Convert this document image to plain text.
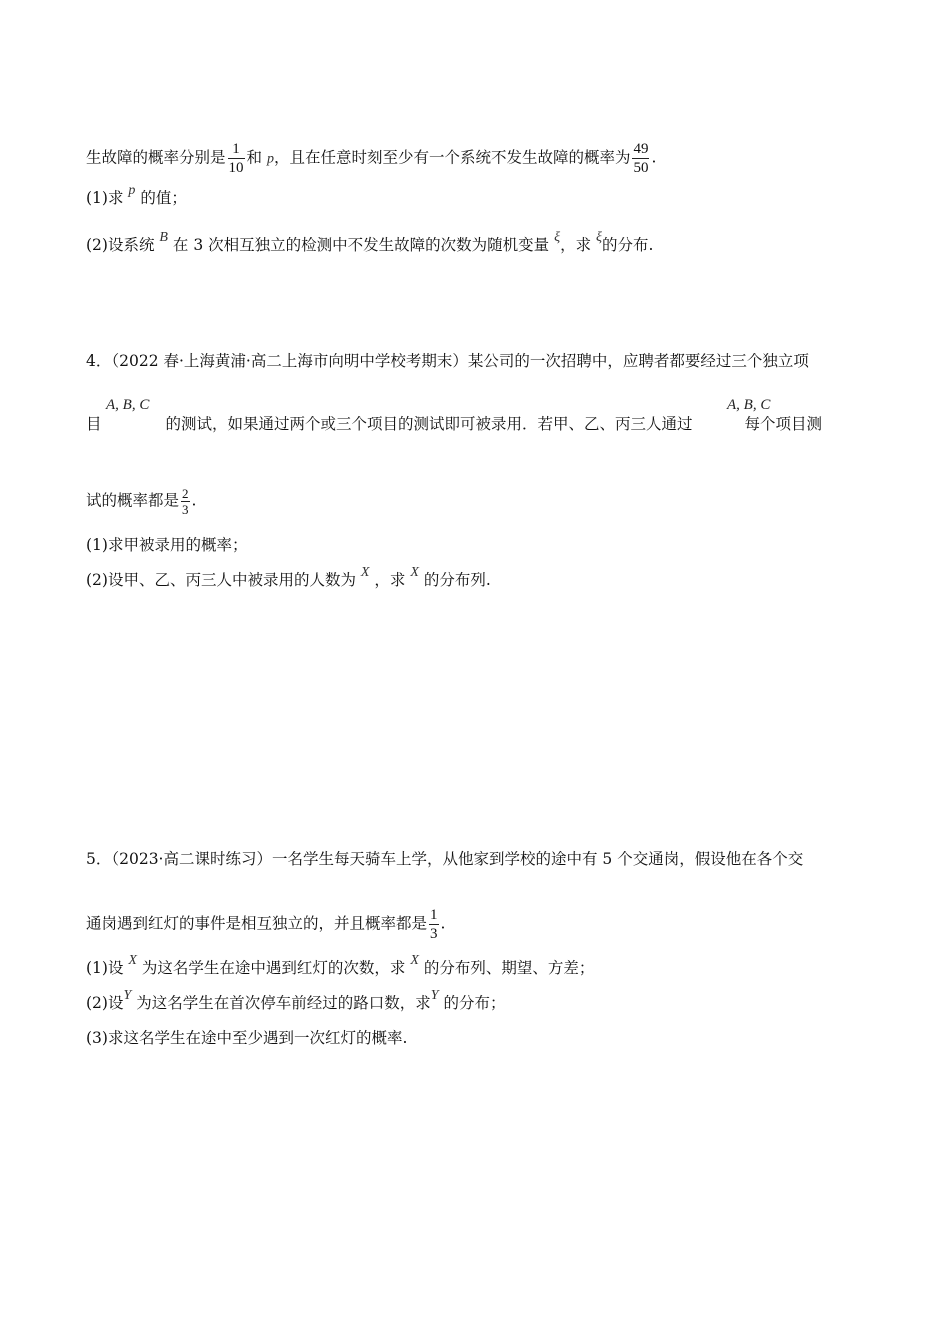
生故障的概率分别是 $\frac{1}{10}$ 和 p，且在任意时刻至少有一个系统不发生故障的概率为 $\frac{49}{50}$ .
(1)求 p 的值；
(2)设系统 B 在 3 次相互独立的检测中不发生故障的次数为随机变量 ξ，求 ξ的分布.
4．（2022 春·上海黄浦·高二上海市向明中学校考期末）某公司的一次招聘中，应聘者都要经过三个独立项
A, B, C	A, B, C
目	的测试，如果通过两个或三个项目的测试即可被录用．若甲、乙、丙三人通过	每个项目测
试的概率都是 $\frac{2}{3}$ .
(1)求甲被录用的概率；
(2)设甲、乙、丙三人中被录用的人数为 X ，求 X 的分布列.
5．（2023·高二课时练习）一名学生每天骑车上学，从他家到学校的途中有 5 个交通岗，假设他在各个交
通岗遇到红灯的事件是相互独立的，并且概率都是 $\frac{1}{3}$ .
(1)设 X 为这名学生在途中遇到红灯的次数，求 X 的分布列、期望、方差；
(2)设Y 为这名学生在首次停车前经过的路口数，求Y 的分布；
(3)求这名学生在途中至少遇到一次红灯的概率.
